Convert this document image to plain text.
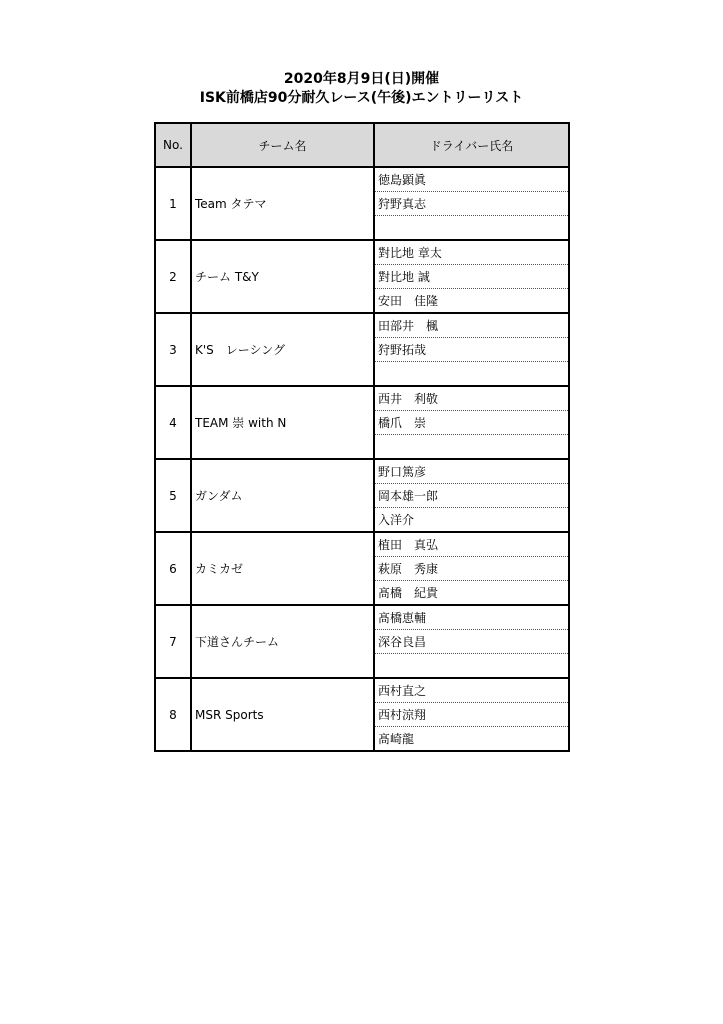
2020年8月9日(日)開催
ISK前橋店90分耐久レース(午後)エントリーリスト
No.	チーム名	ドライバー氏名
1	Team タテマ	徳島顕眞
		狩野真志

2	チーム T&Y	對比地 章太
		對比地 誠
		安田　佳隆
3	K'S　レーシング	田部井　楓
		狩野拓哉

4	TEAM 崇 with N	西井　利敬
		橋爪　崇

5	ガンダム	野口篤彦
		岡本雄一郎
		入洋介
6	カミカゼ	植田　真弘
		萩原　秀康
		髙橋　紀貴
7	下道さんチーム	髙橋恵輔
		深谷良昌

8	MSR Sports	西村直之
		西村涼翔
		髙崎龍
